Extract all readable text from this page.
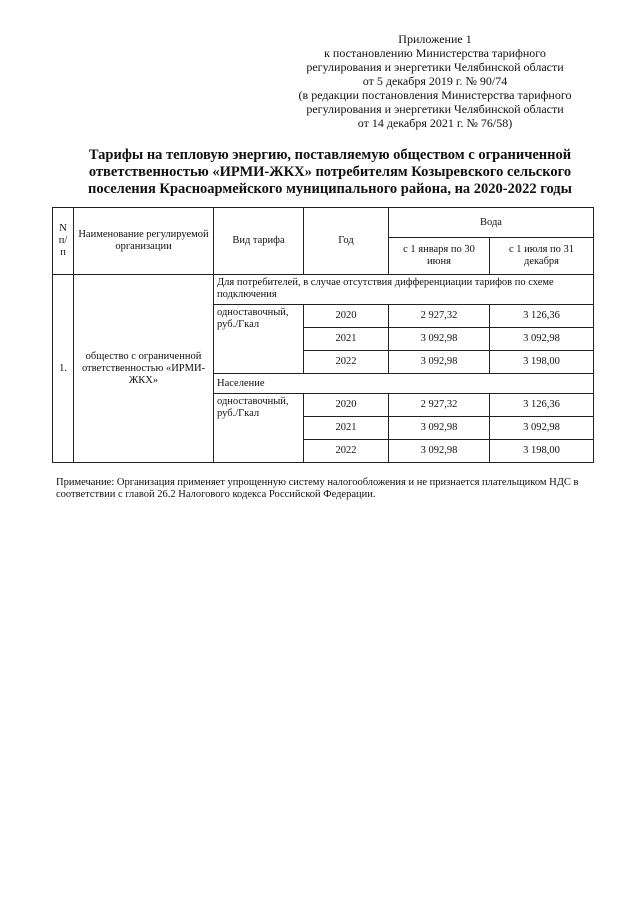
Приложение 1
к постановлению Министерства тарифного
регулирования и энергетики Челябинской области
от 5 декабря 2019 г. № 90/74
(в редакции постановления Министерства тарифного
регулирования и энергетики Челябинской области
от 14 декабря 2021 г. № 76/58)
Тарифы на тепловую энергию, поставляемую обществом с ограниченной
ответственностью «ИРМИ-ЖКХ» потребителям Козыревского сельского
поселения Красноармейского муниципального района, на 2020-2022 годы
N п/п	Наименование регулируемой организации	Вид тарифа	Год	Вода	
				с 1 января по 30 июня	с 1 июля по 31 декабря
1.	общество с ограниченной ответственностью «ИРМИ-ЖКХ»	Для потребителей, в случае отсутствия дифференциации тарифов по схеме подключения			
		одноставочный, руб./Гкал	2020	2 927,32	3 126,36
			2021	3 092,98	3 092,98
			2022	3 092,98	3 198,00
		Население			
		одноставочный, руб./Гкал	2020	2 927,32	3 126,36
			2021	3 092,98	3 092,98
			2022	3 092,98	3 198,00
Примечание: Организация применяет упрощенную систему налогообложения и не признается плательщиком НДС в соответствии с главой 26.2 Налогового кодекса Российской Федерации.
